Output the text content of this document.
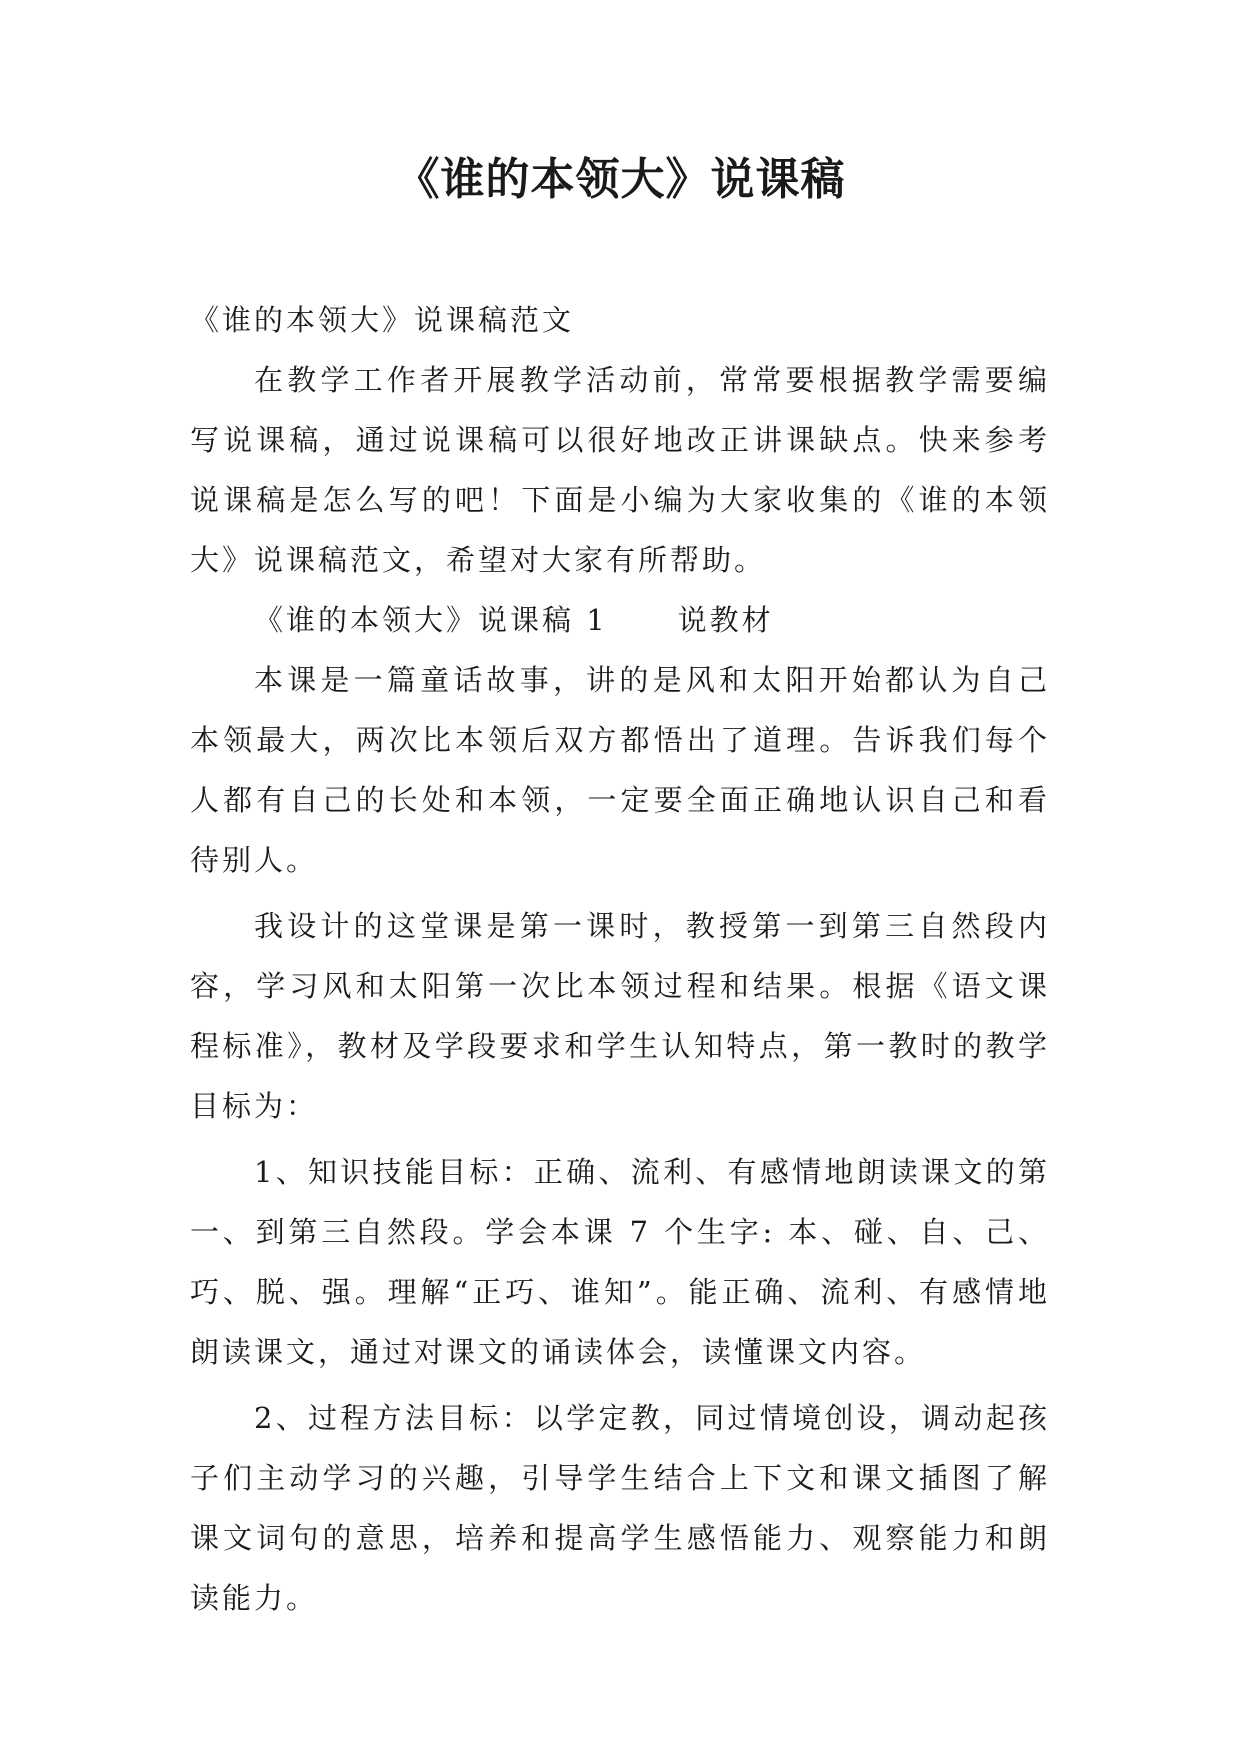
《谁的本领大》说课稿

《谁的本领大》说课稿范文

在教学工作者开展教学活动前，常常要根据教学需要编写说课稿，通过说课稿可以很好地改正讲课缺点。快来参考说课稿是怎么写的吧！下面是小编为大家收集的《谁的本领大》说课稿范文，希望对大家有所帮助。

《谁的本领大》说课稿 1 说教材

本课是一篇童话故事，讲的是风和太阳开始都认为自己本领最大，两次比本领后双方都悟出了道理。告诉我们每个人都有自己的长处和本领，一定要全面正确地认识自己和看待别人。

我设计的这堂课是第一课时，教授第一到第三自然段内容，学习风和太阳第一次比本领过程和结果。根据《语文课程标准》，教材及学段要求和学生认知特点，第一教时的教学目标为：

1、知识技能目标：正确、流利、有感情地朗读课文的第一、到第三自然段。学会本课 7 个生字: 本、碰、自、己、巧、脱、强。理解“正巧、谁知”。能正确、流利、有感情地朗读课文，通过对课文的诵读体会，读懂课文内容。

2、过程方法目标：以学定教，同过情境创设，调动起孩子们主动学习的兴趣，引导学生结合上下文和课文插图了解课文词句的意思，培养和提高学生感悟能力、观察能力和朗读能力。
